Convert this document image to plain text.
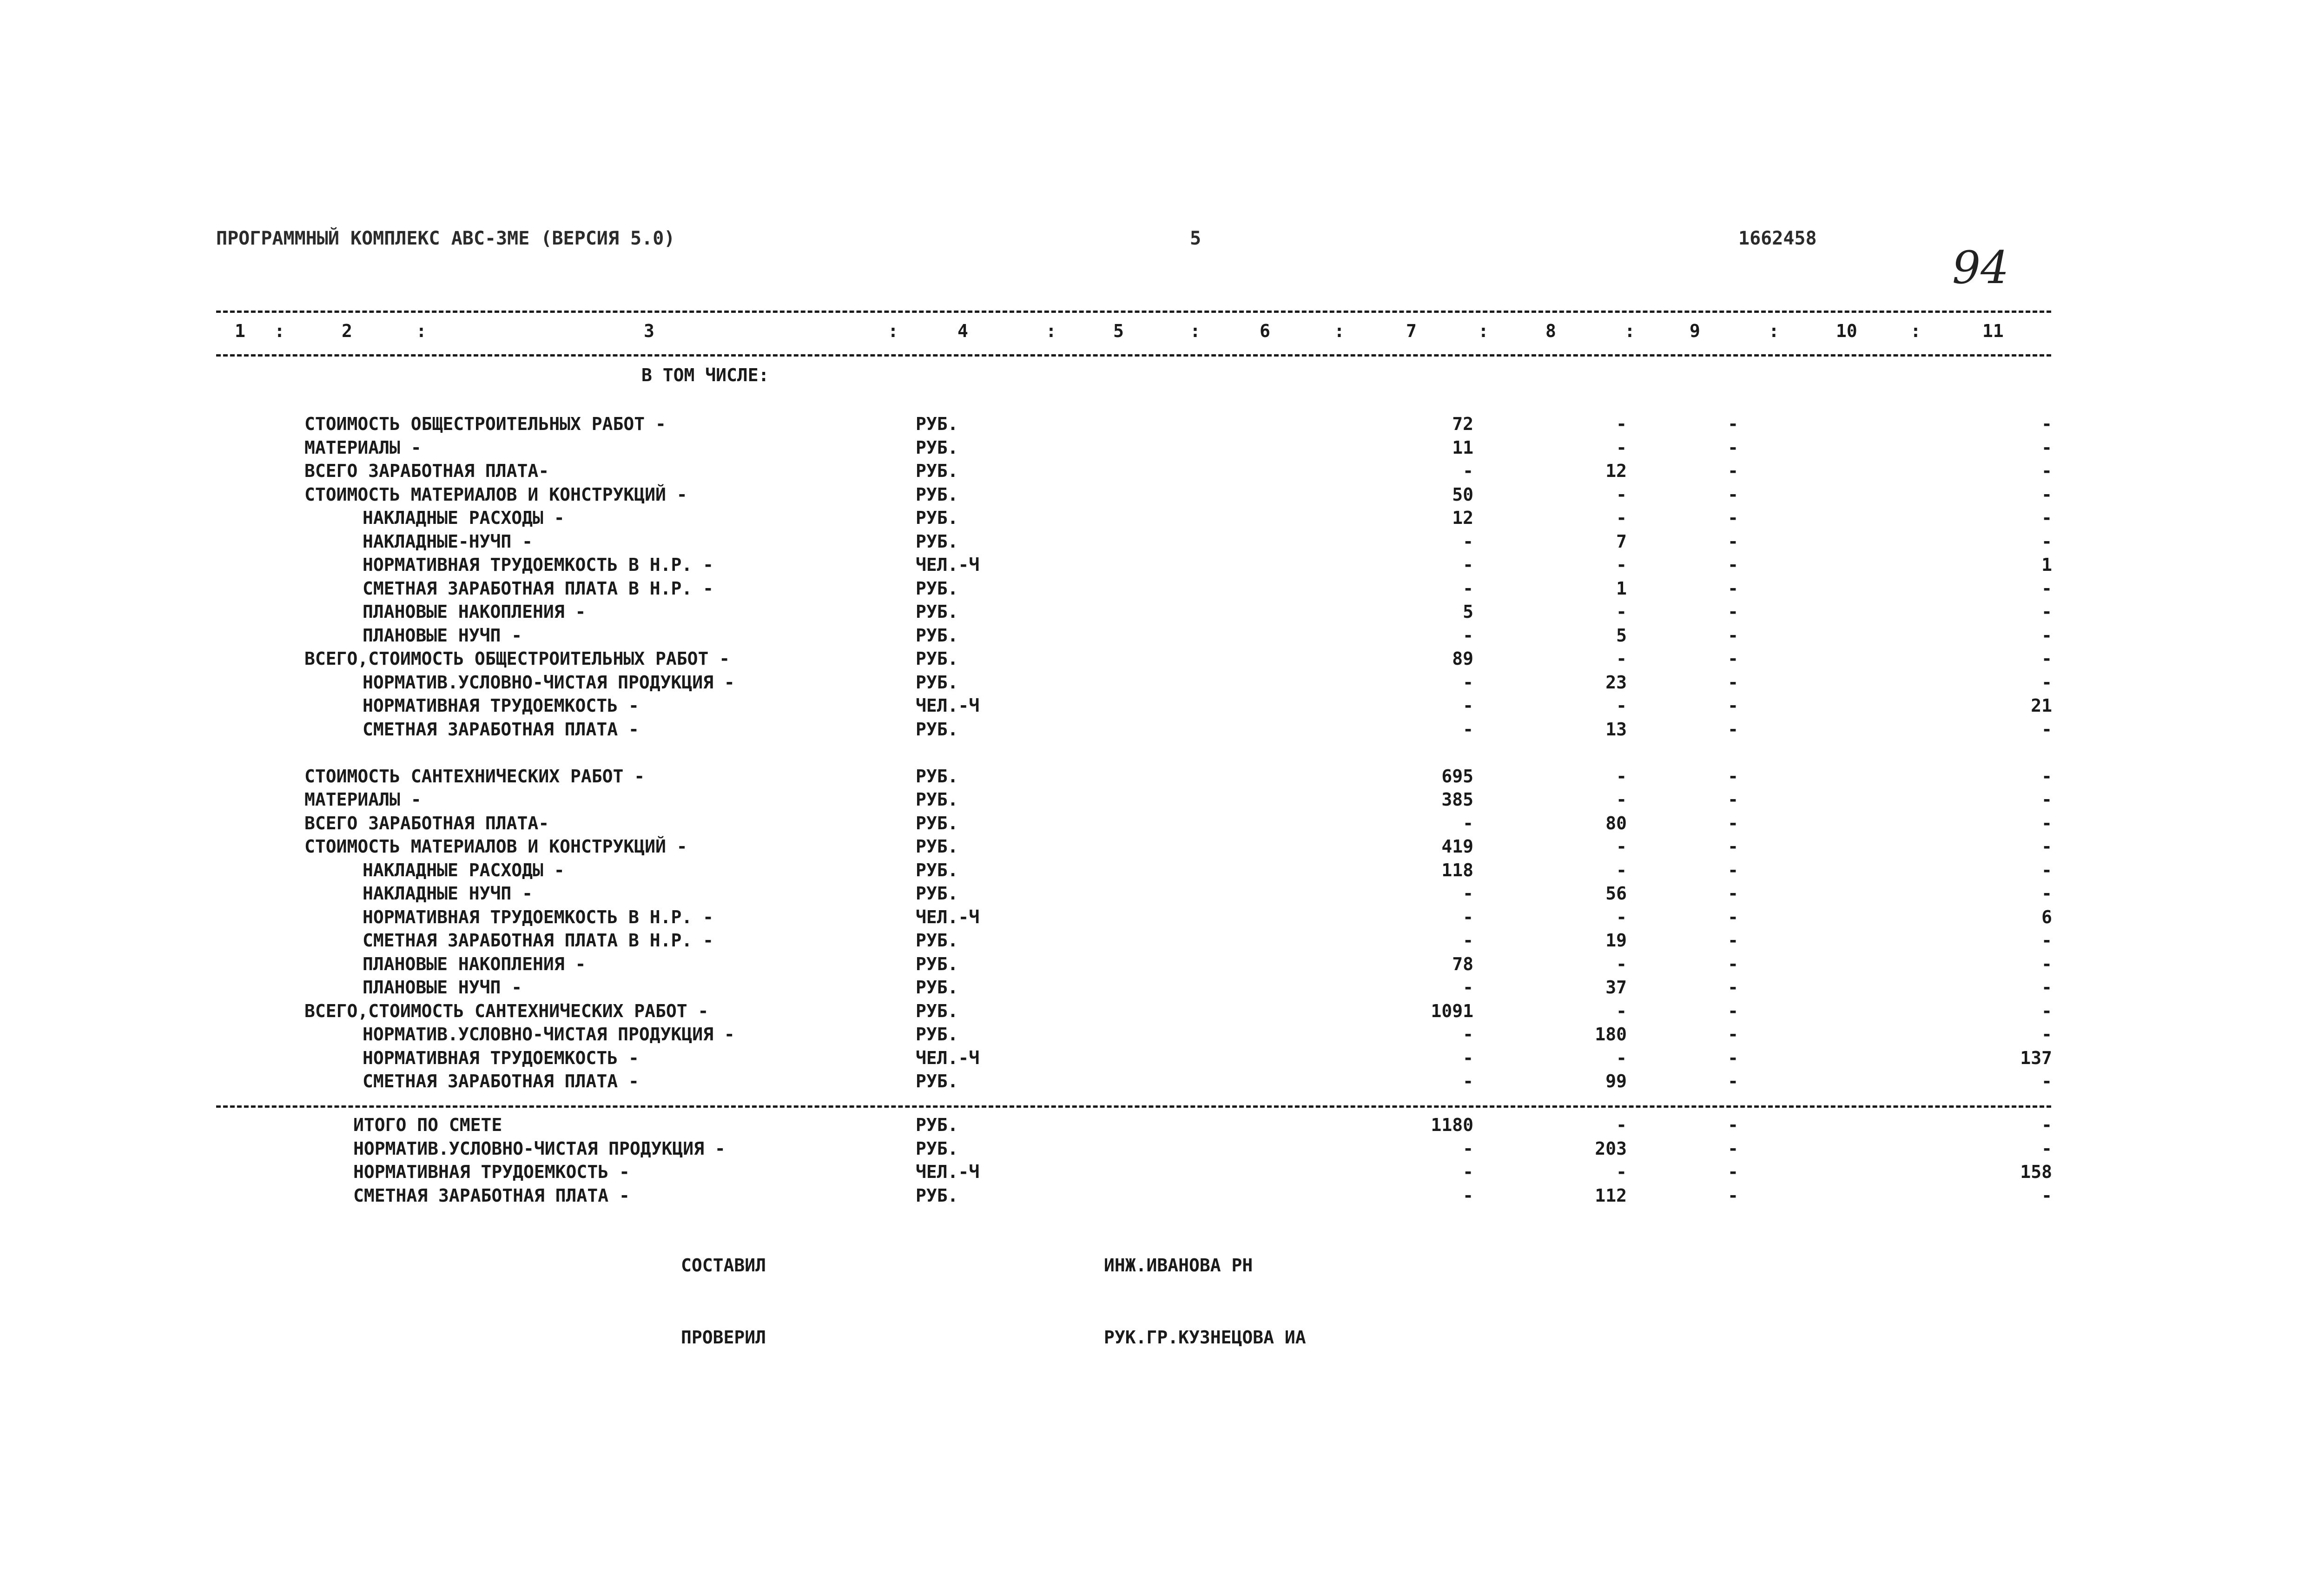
ПРОГРАММНЫЙ КОМПЛЕКС АВС-ЗМЕ (ВЕРСИЯ 5.0)	5	1662458
94
1	2	3	4	5	6	7	8	9	10	11
:	:	:	:	:	:	:	:	:	:
В ТОМ ЧИСЛЕ:
СТОИМОСТЬ ОБЩЕСТРОИТЕЛЬНЫХ РАБОТ -	РУБ.	72	-	-	-
МАТЕРИАЛЫ -	РУБ.	11	-	-	-
ВСЕГО ЗАРАБОТНАЯ ПЛАТА-	РУБ.	-	12	-	-
СТОИМОСТЬ МАТЕРИАЛОВ И КОНСТРУКЦИЙ -	РУБ.	50	-	-	-
НАКЛАДНЫЕ РАСХОДЫ -	РУБ.	12	-	-	-
НАКЛАДНЫЕ-НУЧП -	РУБ.	-	7	-	-
НОРМАТИВНАЯ ТРУДОЕМКОСТЬ В Н.Р. -	ЧЕЛ.-Ч	-	-	-	1
СМЕТНАЯ ЗАРАБОТНАЯ ПЛАТА В Н.Р. -	РУБ.	-	1	-	-
ПЛАНОВЫЕ НАКОПЛЕНИЯ -	РУБ.	5	-	-	-
ПЛАНОВЫЕ НУЧП -	РУБ.	-	5	-	-
ВСЕГО,СТОИМОСТЬ ОБЩЕСТРОИТЕЛЬНЫХ РАБОТ -	РУБ.	89	-	-	-
НОРМАТИВ.УСЛОВНО-ЧИСТАЯ ПРОДУКЦИЯ -	РУБ.	-	23	-	-
НОРМАТИВНАЯ ТРУДОЕМКОСТЬ -	ЧЕЛ.-Ч	-	-	-	21
СМЕТНАЯ ЗАРАБОТНАЯ ПЛАТА -	РУБ.	-	13	-	-
СТОИМОСТЬ САНТЕХНИЧЕСКИХ РАБОТ -	РУБ.	695	-	-	-
МАТЕРИАЛЫ -	РУБ.	385	-	-	-
ВСЕГО ЗАРАБОТНАЯ ПЛАТА-	РУБ.	-	80	-	-
СТОИМОСТЬ МАТЕРИАЛОВ И КОНСТРУКЦИЙ -	РУБ.	419	-	-	-
НАКЛАДНЫЕ РАСХОДЫ -	РУБ.	118	-	-	-
НАКЛАДНЫЕ НУЧП -	РУБ.	-	56	-	-
НОРМАТИВНАЯ ТРУДОЕМКОСТЬ В Н.Р. -	ЧЕЛ.-Ч	-	-	-	6
СМЕТНАЯ ЗАРАБОТНАЯ ПЛАТА В Н.Р. -	РУБ.	-	19	-	-
ПЛАНОВЫЕ НАКОПЛЕНИЯ -	РУБ.	78	-	-	-
ПЛАНОВЫЕ НУЧП -	РУБ.	-	37	-	-
ВСЕГО,СТОИМОСТЬ САНТЕХНИЧЕСКИХ РАБОТ -	РУБ.	1091	-	-	-
НОРМАТИВ.УСЛОВНО-ЧИСТАЯ ПРОДУКЦИЯ -	РУБ.	-	180	-	-
НОРМАТИВНАЯ ТРУДОЕМКОСТЬ -	ЧЕЛ.-Ч	-	-	-	137
СМЕТНАЯ ЗАРАБОТНАЯ ПЛАТА -	РУБ.	-	99	-	-
ИТОГО ПО СМЕТЕ	РУБ.	1180	-	-	-
НОРМАТИВ.УСЛОВНО-ЧИСТАЯ ПРОДУКЦИЯ -	РУБ.	-	203	-	-
НОРМАТИВНАЯ ТРУДОЕМКОСТЬ -	ЧЕЛ.-Ч	-	-	-	158
СМЕТНАЯ ЗАРАБОТНАЯ ПЛАТА -	РУБ.	-	112	-	-
СОСТАВИЛ	ИНЖ.ИВАНОВА РН
ПРОВЕРИЛ	РУК.ГР.КУЗНЕЦОВА ИА
